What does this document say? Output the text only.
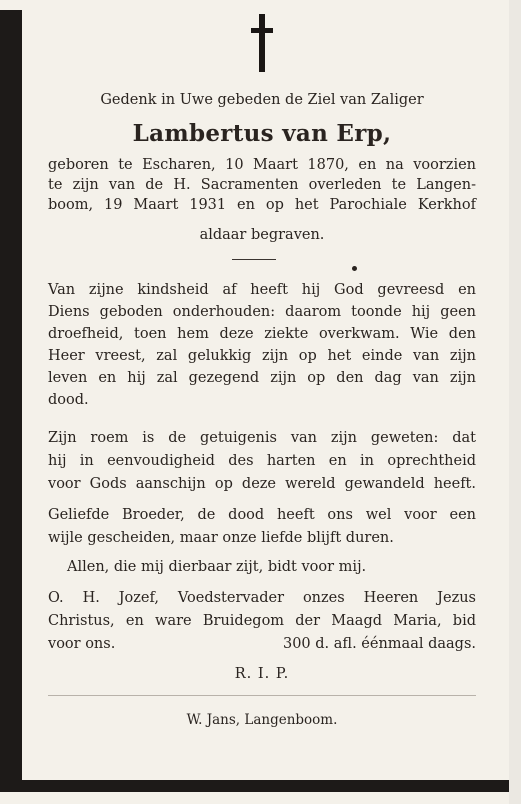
Gedenk in Uwe gebeden de Ziel van Zaliger
Lambertus van Erp,
geboren te Escharen, 10 Maart 1870, en na voorzien
te zijn van de H. Sacramenten overleden te Langen-
boom, 19 Maart 1931 en op het Parochiale Kerkhof
aldaar begraven.
Van zijne kindsheid af heeft hij God gevreesd en
Diens geboden onderhouden: daarom toonde hij geen
droefheid, toen hem deze ziekte overkwam. Wie den
Heer vreest, zal gelukkig zijn op het einde van zijn
leven en hij zal gezegend zijn op den dag van zijn
dood.
Zijn roem is de getuigenis van zijn geweten: dat
hij in eenvoudigheid des harten en in oprechtheid
voor Gods aanschijn op deze wereld gewandeld heeft.
Geliefde Broeder, de dood heeft ons wel voor een
wijle gescheiden, maar onze liefde blijft duren.
Allen, die mij dierbaar zijt, bidt voor mij.
O. H. Jozef, Voedstervader onzes Heeren Jezus
Christus, en ware Bruidegom der Maagd Maria, bid
voor ons.	300 d. afl. éénmaal daags.
R. I. P.
W. Jans, Langenboom.
